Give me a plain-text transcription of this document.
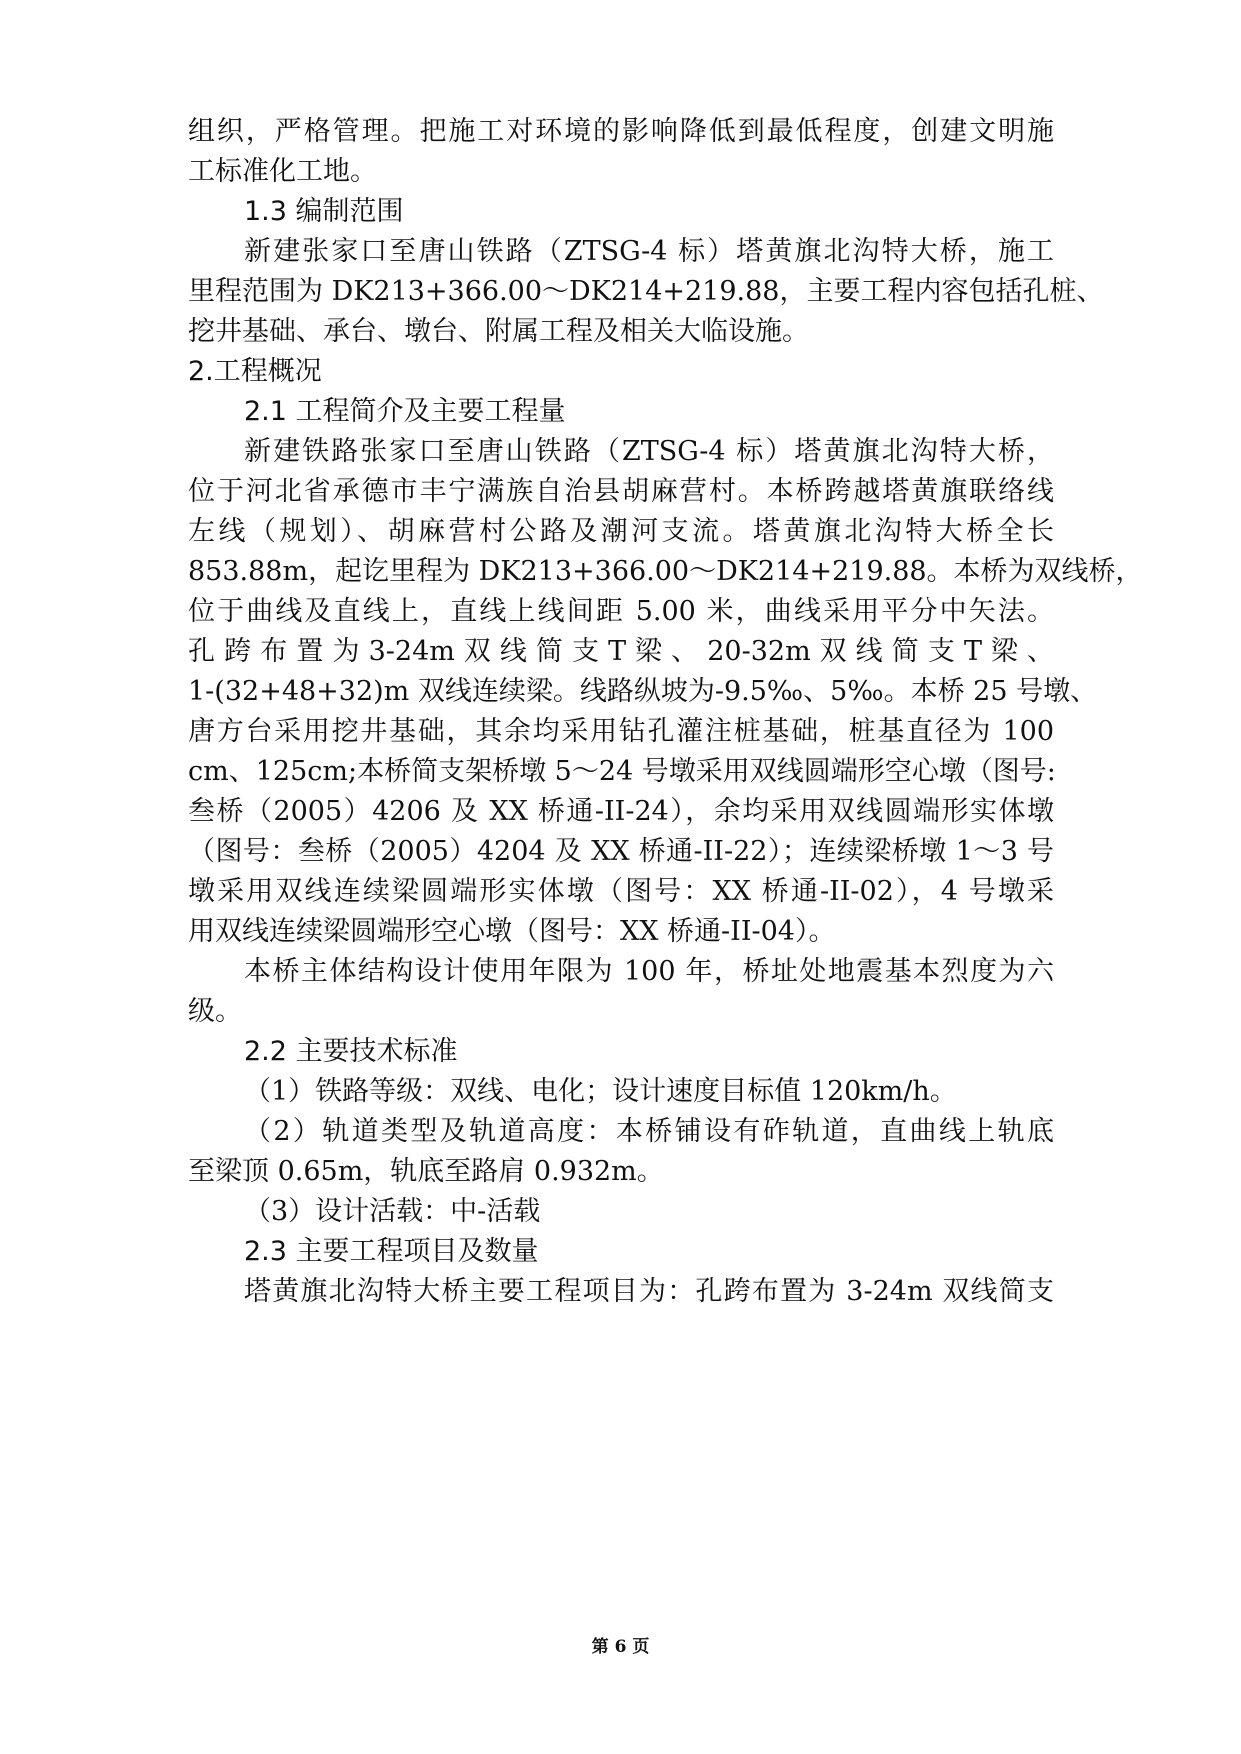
组织，严格管理。把施工对环境的影响降低到最低程度，创建文明施
工标准化工地。
1.3 编制范围
新建张家口至唐山铁路（ZTSG-4 标）塔黄旗北沟特大桥，施工
里程范围为 DK213+366.00～DK214+219.88，主要工程内容包括孔桩、
挖井基础、承台、墩台、附属工程及相关大临设施。
2.工程概况
2.1 工程简介及主要工程量
新建铁路张家口至唐山铁路（ZTSG-4 标）塔黄旗北沟特大桥，
位于河北省承德市丰宁满族自治县胡麻营村。本桥跨越塔黄旗联络线
左线（规划）、胡麻营村公路及潮河支流。塔黄旗北沟特大桥全长
853.88m，起讫里程为 DK213+366.00～DK214+219.88。本桥为双线桥，
位于曲线及直线上，直线上线间距 5.00 米，曲线采用平分中矢法。
孔 跨 布 置 为 3-24m 双 线 简 支 T 梁 、 20-32m 双 线 简 支 T 梁 、
1-(32+48+32)m 双线连续梁。线路纵坡为-9.5‰、5‰。本桥 25 号墩、
唐方台采用挖井基础，其余均采用钻孔灌注桩基础，桩基直径为 100
cm、125cm;本桥简支架桥墩 5～24 号墩采用双线圆端形空心墩（图号:
叁桥（2005）4206 及 XX 桥通-II-24），余均采用双线圆端形实体墩
（图号：叁桥（2005）4204 及 XX 桥通-II-22）；连续梁桥墩 1～3 号
墩采用双线连续梁圆端形实体墩（图号：XX 桥通-II-02），4 号墩采
用双线连续梁圆端形空心墩（图号：XX 桥通-II-04）。
本桥主体结构设计使用年限为 100 年，桥址处地震基本烈度为六
级。
2.2 主要技术标准
（1）铁路等级：双线、电化；设计速度目标值 120km/h。
（2）轨道类型及轨道高度：本桥铺设有砟轨道，直曲线上轨底
至梁顶 0.65m，轨底至路肩 0.932m。
（3）设计活载：中-活载
2.3 主要工程项目及数量
塔黄旗北沟特大桥主要工程项目为：孔跨布置为 3-24m 双线简支
第 6 页
